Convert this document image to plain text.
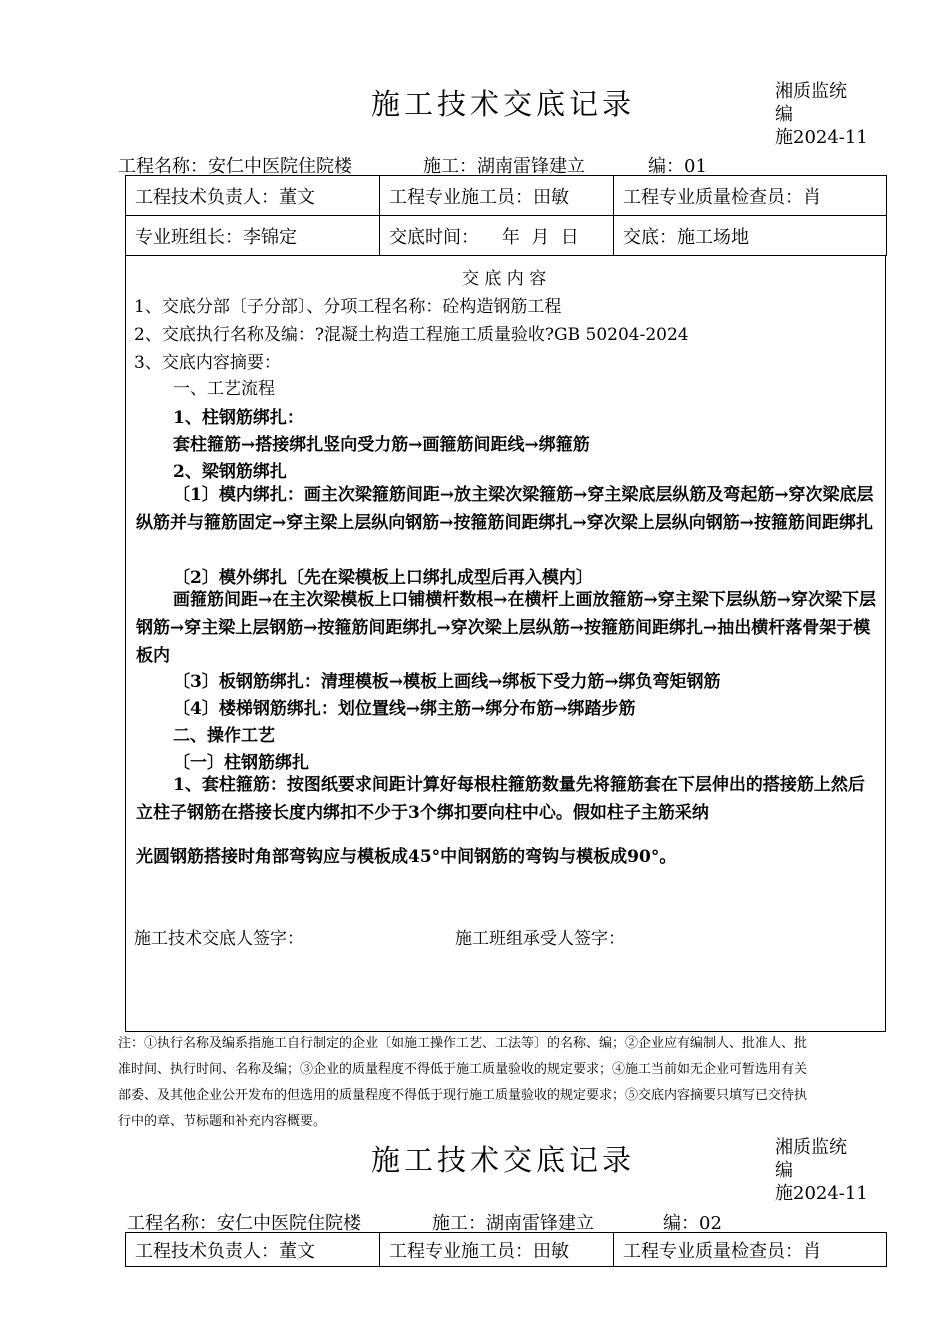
施工技术交底记录	湘质监统
编
施2024-11
工程名称：安仁中医院住院楼	施工：湖南雷锋建立	编：01
工程技术负责人：董文	工程专业施工员：田敏	工程专业质量检查员：肖
专业班组长：李锦定	交底时间：    年  月  日	交底：施工场地
交 底 内 容
1、交底分部〔子分部〕、分项工程名称：砼构造钢筋工程
2、交底执行名称及编：?混凝土构造工程施工质量验收?GB 50204-2024
3、交底内容摘要：
一、工艺流程
1、柱钢筋绑扎：
套柱箍筋→搭接绑扎竖向受力筋→画箍筋间距线→绑箍筋
2、梁钢筋绑扎
〔1〕模内绑扎：画主次梁箍筋间距→放主梁次梁箍筋→穿主梁底层纵筋及弯起筋→穿次梁底层纵筋并与箍筋固定→穿主梁上层纵向钢筋→按箍筋间距绑扎→穿次梁上层纵向钢筋→按箍筋间距绑扎
〔2〕模外绑扎〔先在梁模板上口绑扎成型后再入模内〕
画箍筋间距→在主次梁模板上口铺横杆数根→在横杆上画放箍筋→穿主梁下层纵筋→穿次梁下层钢筋→穿主梁上层钢筋→按箍筋间距绑扎→穿次梁上层纵筋→按箍筋间距绑扎→抽出横杆落骨架于模板内
〔3〕板钢筋绑扎：清理模板→模板上画线→绑板下受力筋→绑负弯矩钢筋
〔4〕楼梯钢筋绑扎：划位置线→绑主筋→绑分布筋→绑踏步筋
二、操作工艺
〔一〕柱钢筋绑扎
1、套柱箍筋：按图纸要求间距计算好每根柱箍筋数量先将箍筋套在下层伸出的搭接筋上然后立柱子钢筋在搭接长度内绑扣不少于3个绑扣要向柱中心。假如柱子主筋采纳
光圆钢筋搭接时角部弯钩应与模板成45°中间钢筋的弯钩与模板成90°。
施工技术交底人签字：	施工班组承受人签字：
注：①执行名称及编系指施工自行制定的企业〔如施工操作工艺、工法等〕的名称、编；②企业应有编制人、批准人、批
准时间、执行时间、名称及编；③企业的质量程度不得低于施工质量验收的规定要求；④施工当前如无企业可暂选用有关
部委、及其他企业公开发布的但选用的质量程度不得低于现行施工质量验收的规定要求；⑤交底内容摘要只填写已交待执
行中的章、节标题和补充内容概要。
施工技术交底记录	湘质监统
编
施2024-11
工程名称：安仁中医院住院楼	施工：湖南雷锋建立	编：02
工程技术负责人：董文	工程专业施工员：田敏	工程专业质量检查员：肖
